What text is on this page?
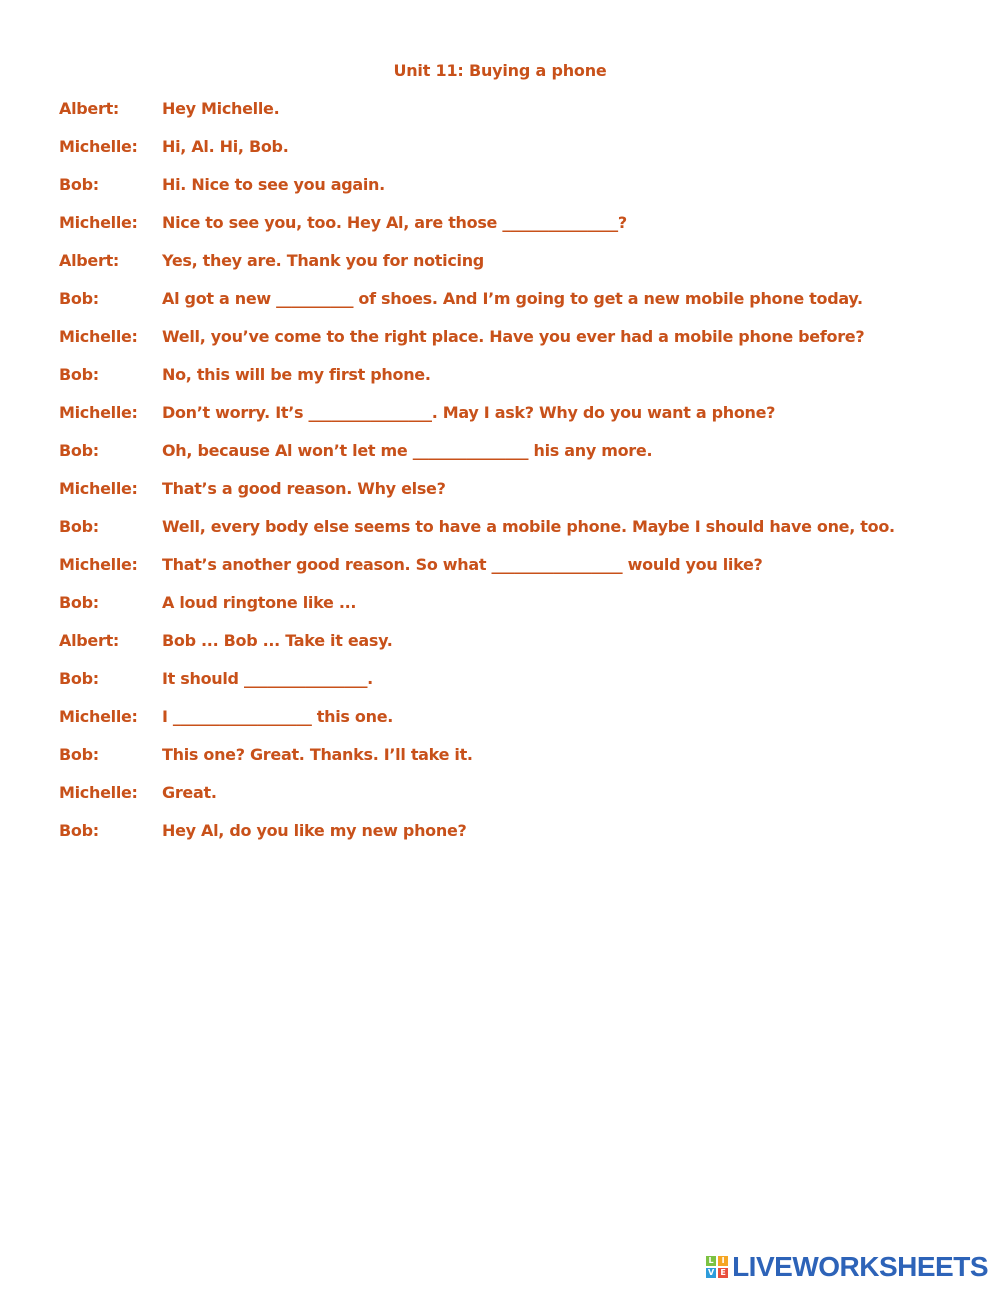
Unit 11: Buying a phone
Albert:	Hey Michelle.
Michelle:	Hi, Al. Hi, Bob.
Bob:	Hi. Nice to see you again.
Michelle:	Nice to see you, too. Hey Al, are those _______________?
Albert:	Yes, they are. Thank you for noticing
Bob:	Al got a new __________ of shoes. And I’m going to get a new mobile phone today.
Michelle:	Well, you’ve come to the right place. Have you ever had a mobile phone before?
Bob:	No, this will be my first phone.
Michelle:	Don’t worry. It’s ________________. May I ask? Why do you want a phone?
Bob:	Oh, because Al won’t let me _______________ his any more.
Michelle:	That’s a good reason. Why else?
Bob:	Well, every body else seems to have a mobile phone. Maybe I should have one, too.
Michelle:	That’s another good reason. So what _________________ would you like?
Bob:	A loud ringtone like ...
Albert:	Bob ... Bob ... Take it easy.
Bob:	It should ________________.
Michelle:	I __________________ this one.
Bob:	This one? Great. Thanks. I’ll take it.
Michelle:	Great.
Bob:	Hey Al, do you like my new phone?
L I
V E LIVEWORKSHEETS
